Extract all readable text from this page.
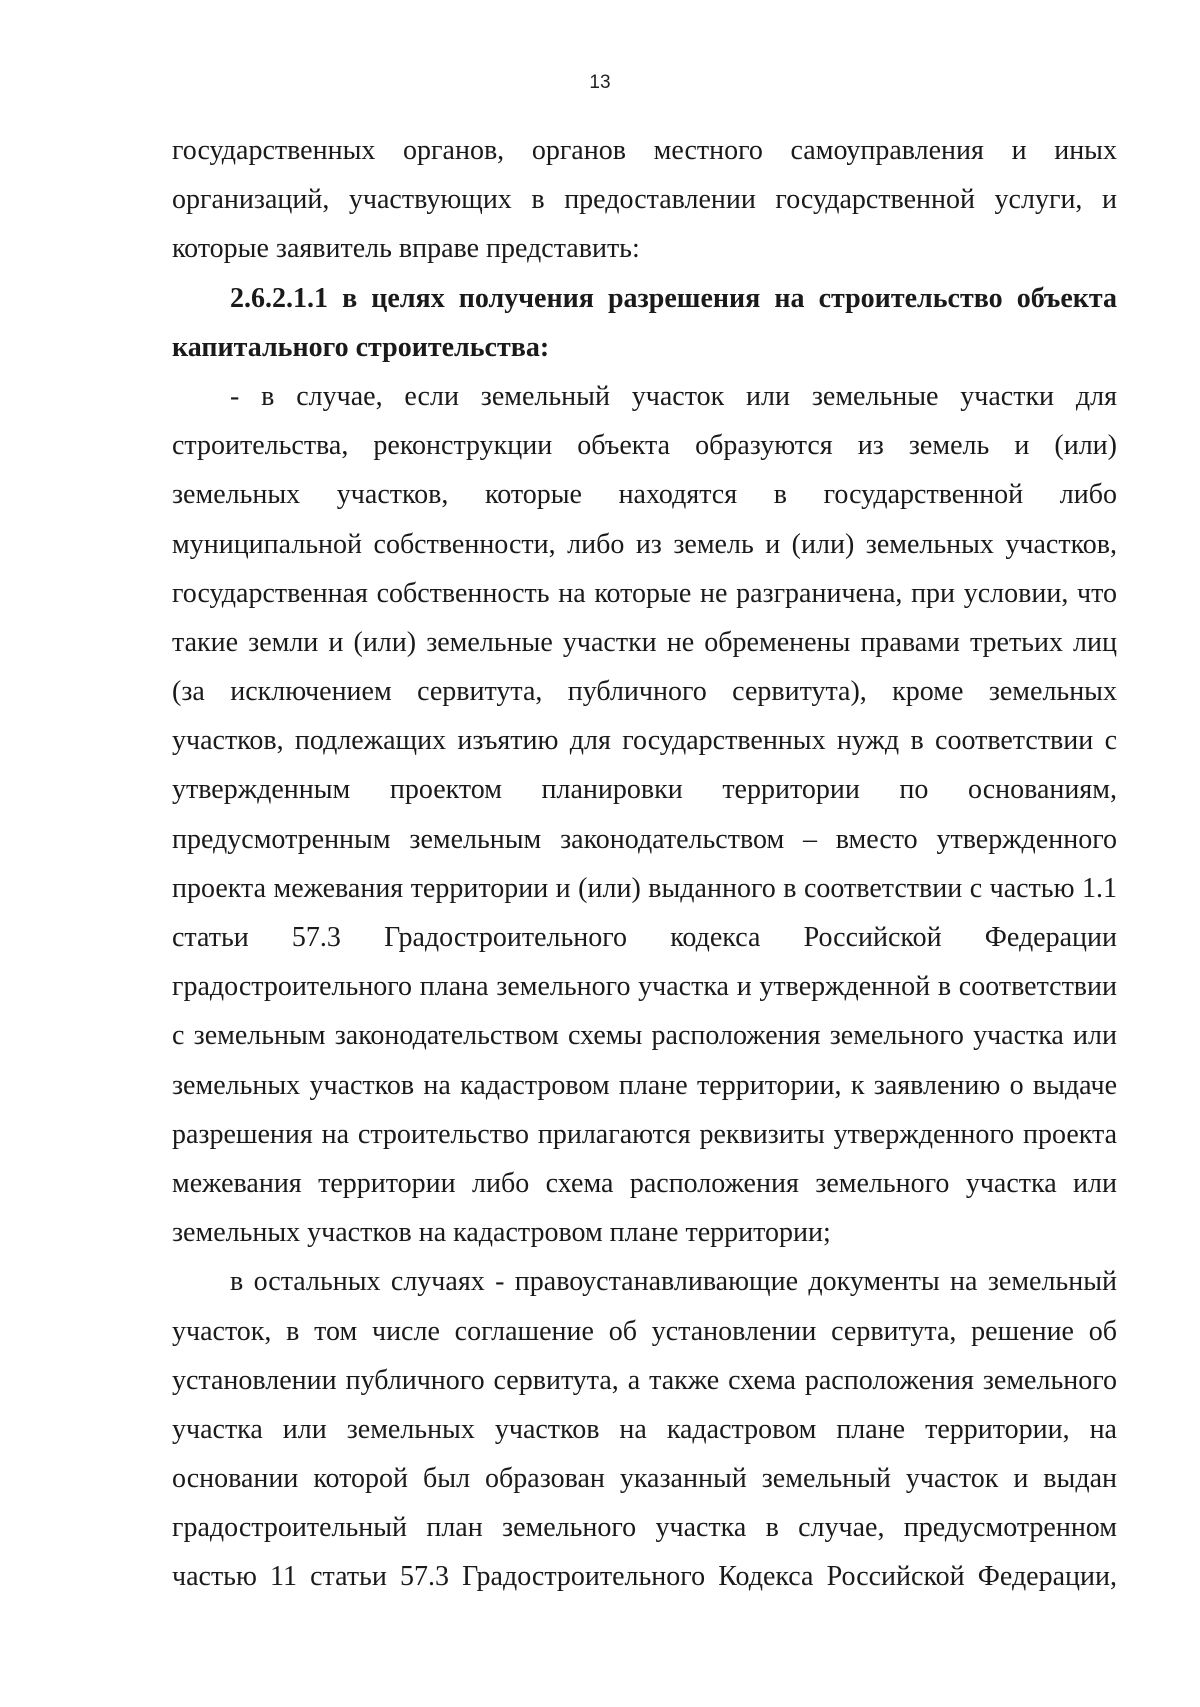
13
государственных органов, органов местного самоуправления и иных
организаций, участвующих в предоставлении государственной услуги, и
которые заявитель вправе представить:
2.6.2.1.1 в целях получения разрешения на строительство объекта
капитального строительства:
- в случае, если земельный участок или земельные участки для
строительства, реконструкции объекта образуются из земель и (или)
земельных участков, которые находятся в государственной либо
муниципальной собственности, либо из земель и (или) земельных участков,
государственная собственность на которые не разграничена, при условии, что
такие земли и (или) земельные участки не обременены правами третьих лиц
(за исключением сервитута, публичного сервитута), кроме земельных
участков, подлежащих изъятию для государственных нужд в соответствии с
утвержденным проектом планировки территории по основаниям,
предусмотренным земельным законодательством – вместо утвержденного
проекта межевания территории и (или) выданного в соответствии с частью 1.1
статьи 57.3 Градостроительного кодекса Российской Федерации
градостроительного плана земельного участка и утвержденной в соответствии
с земельным законодательством схемы расположения земельного участка или
земельных участков на кадастровом плане территории, к заявлению о выдаче
разрешения на строительство прилагаются реквизиты утвержденного проекта
межевания территории либо схема расположения земельного участка или
земельных участков на кадастровом плане территории;
в остальных случаях - правоустанавливающие документы на земельный
участок, в том числе соглашение об установлении сервитута, решение об
установлении публичного сервитута, а также схема расположения земельного
участка или земельных участков на кадастровом плане территории, на
основании которой был образован указанный земельный участок и выдан
градостроительный план земельного участка в случае, предусмотренном
частью 11 статьи 57.3 Градостроительного Кодекса Российской Федерации,
